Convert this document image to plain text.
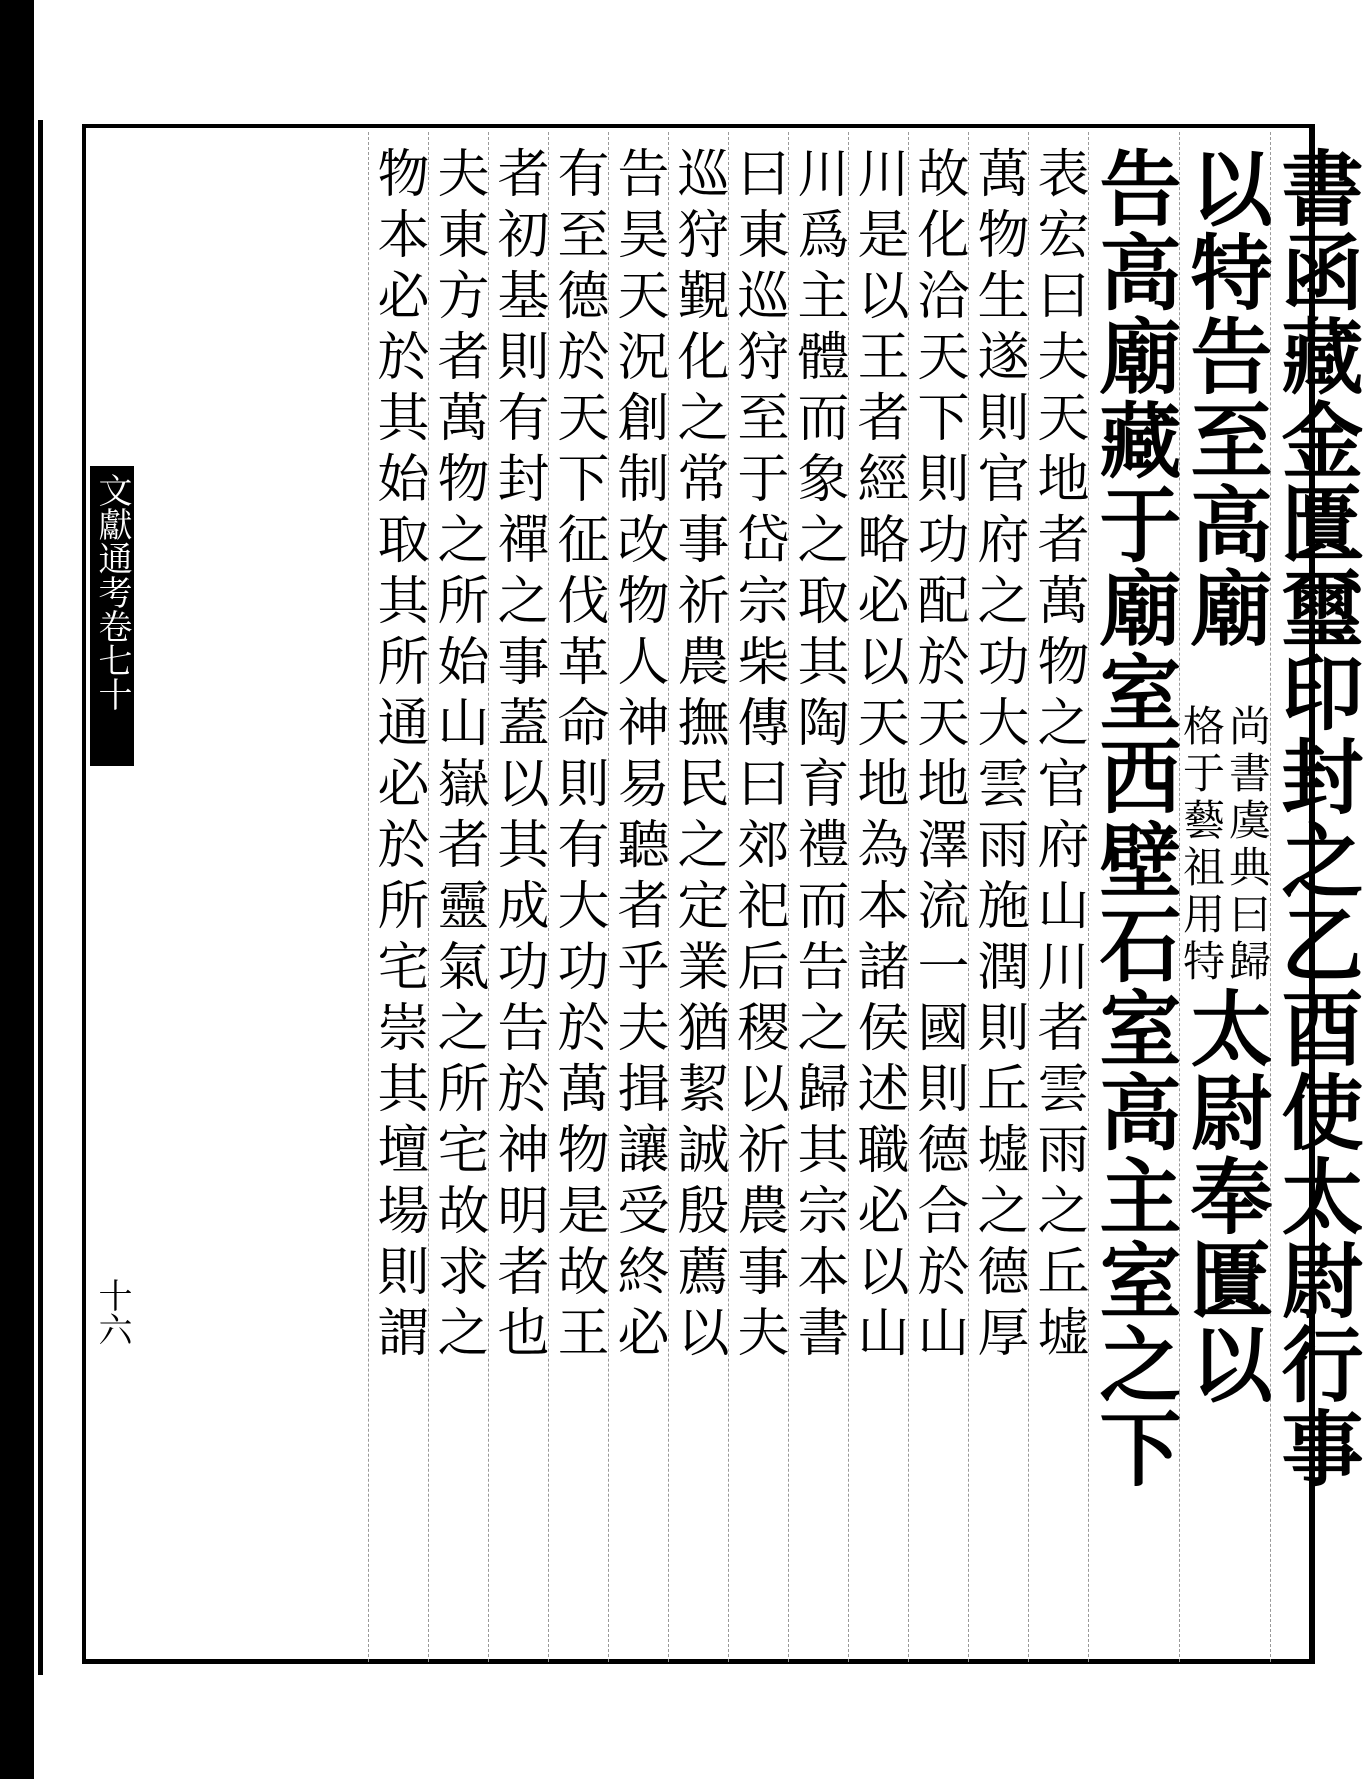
文獻通考卷七十
十六	書函藏金匱璽印封之乙酉使太尉行事
以特告至高廟
尚書虞典曰歸
格于藝祖用特
太尉奉匱以
告高廟藏于廟室西壁石室高主室之下
表宏曰夫天地者萬物之官府山川者雲雨之丘墟
萬物生遂則官府之功大雲雨施潤則丘墟之德厚
故化洽天下則功配於天地澤流一國則德合於山
川是以王者經略必以天地為本諸侯述職必以山
川爲主體而象之取其陶育禮而告之歸其宗本書
曰東巡狩至于岱宗柴傳曰郊祀后稷以祈農事夫
巡狩覲化之常事祈農撫民之定業猶絜誠殷薦以
告昊天況創制改物人神易聽者乎夫揖讓受終必
有至德於天下征伐革命則有大功於萬物是故王
者初基則有封禪之事蓋以其成功告於神明者也
夫東方者萬物之所始山嶽者靈氣之所宅故求之
物本必於其始取其所通必於所宅崇其壇場則謂
